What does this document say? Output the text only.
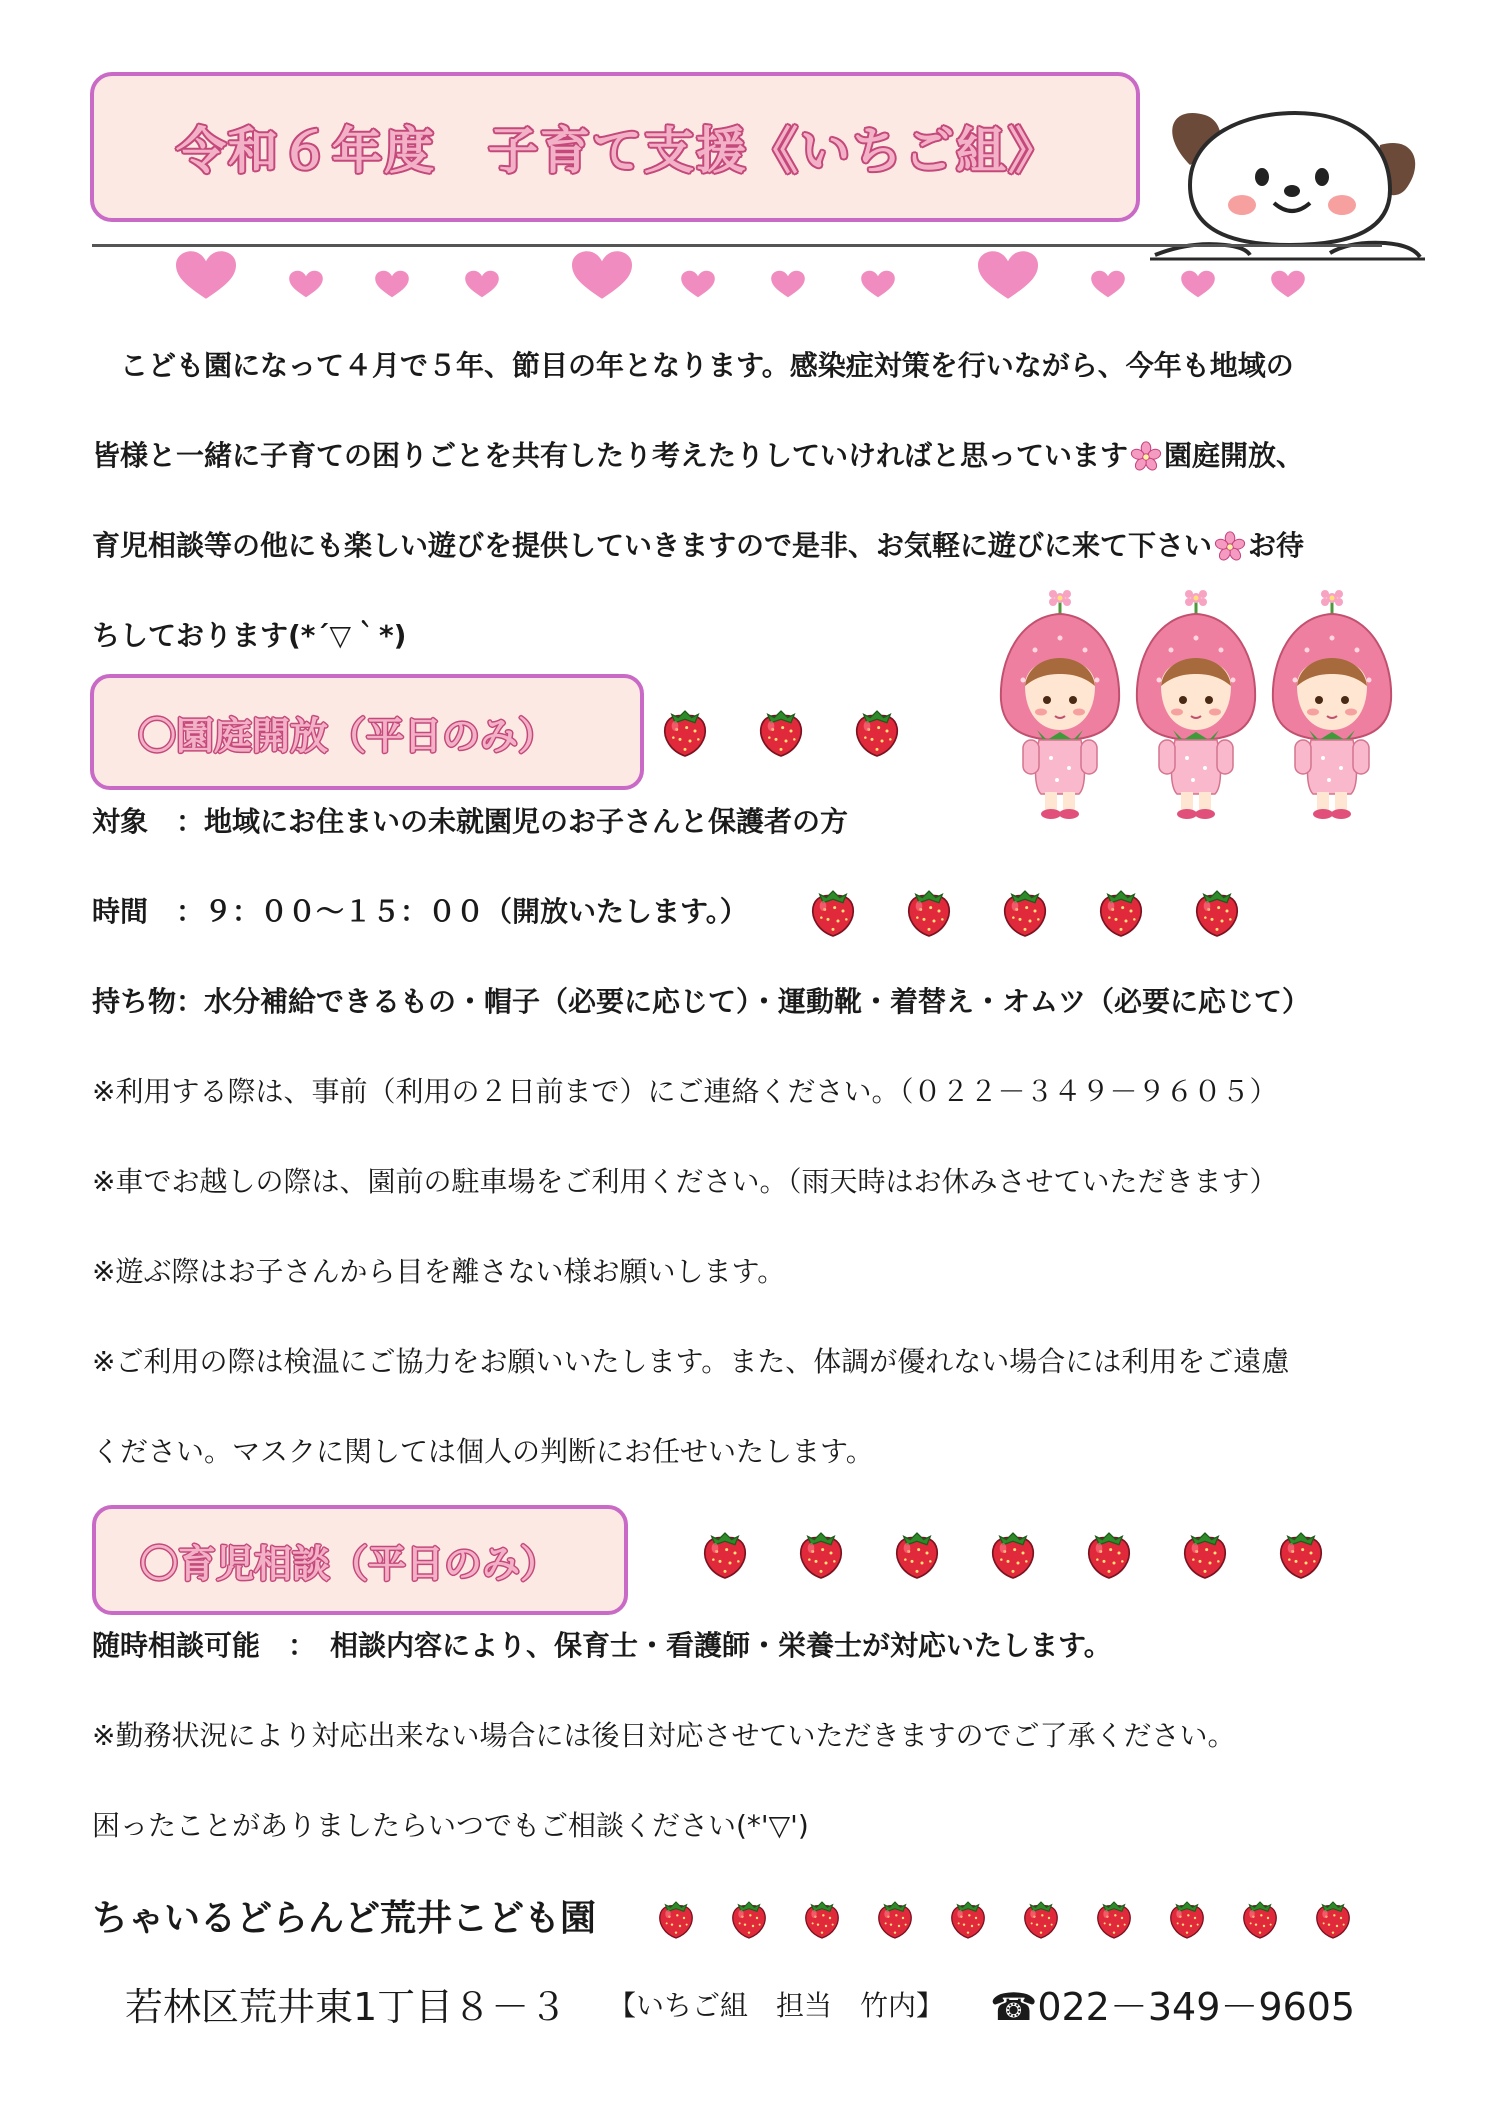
令和６年度　子育て支援《いちご組》
　こども園になって４月で５年、節目の年となります。感染症対策を行いながら、今年も地域の
皆様と一緒に子育ての困りごとを共有したり考えたりしていければと思っています 園庭開放、
育児相談等の他にも楽しい遊びを提供していきますので是非、お気軽に遊びに来て下さい お待
ちしております(*´▽｀*)
〇園庭開放（平日のみ）
対象　：地域にお住まいの未就園児のお子さんと保護者の方
時間　：９：００～１５：００（開放いたします。）
持ち物：水分補給できるもの・帽子（必要に応じて）・運動靴・着替え・オムツ（必要に応じて）
※利用する際は、事前（利用の２日前まで）にご連絡ください。（０２２－３４９－９６０５）
※車でお越しの際は、園前の駐車場をご利用ください。（雨天時はお休みさせていただきます）
※遊ぶ際はお子さんから目を離さない様お願いします。
※ご利用の際は検温にご協力をお願いいたします。また、体調が優れない場合には利用をご遠慮
ください。マスクに関しては個人の判断にお任せいたします。
〇育児相談（平日のみ）
随時相談可能　：　相談内容により、保育士・看護師・栄養士が対応いたします。
※勤務状況により対応出来ない場合には後日対応させていただきますのでご了承ください。
困ったことがありましたらいつでもご相談ください(*'▽')
ちゃいるどらんど荒井こども園
若林区荒井東1丁目８－３ 【いちご組　担当　竹内】 ☎022－349－9605
